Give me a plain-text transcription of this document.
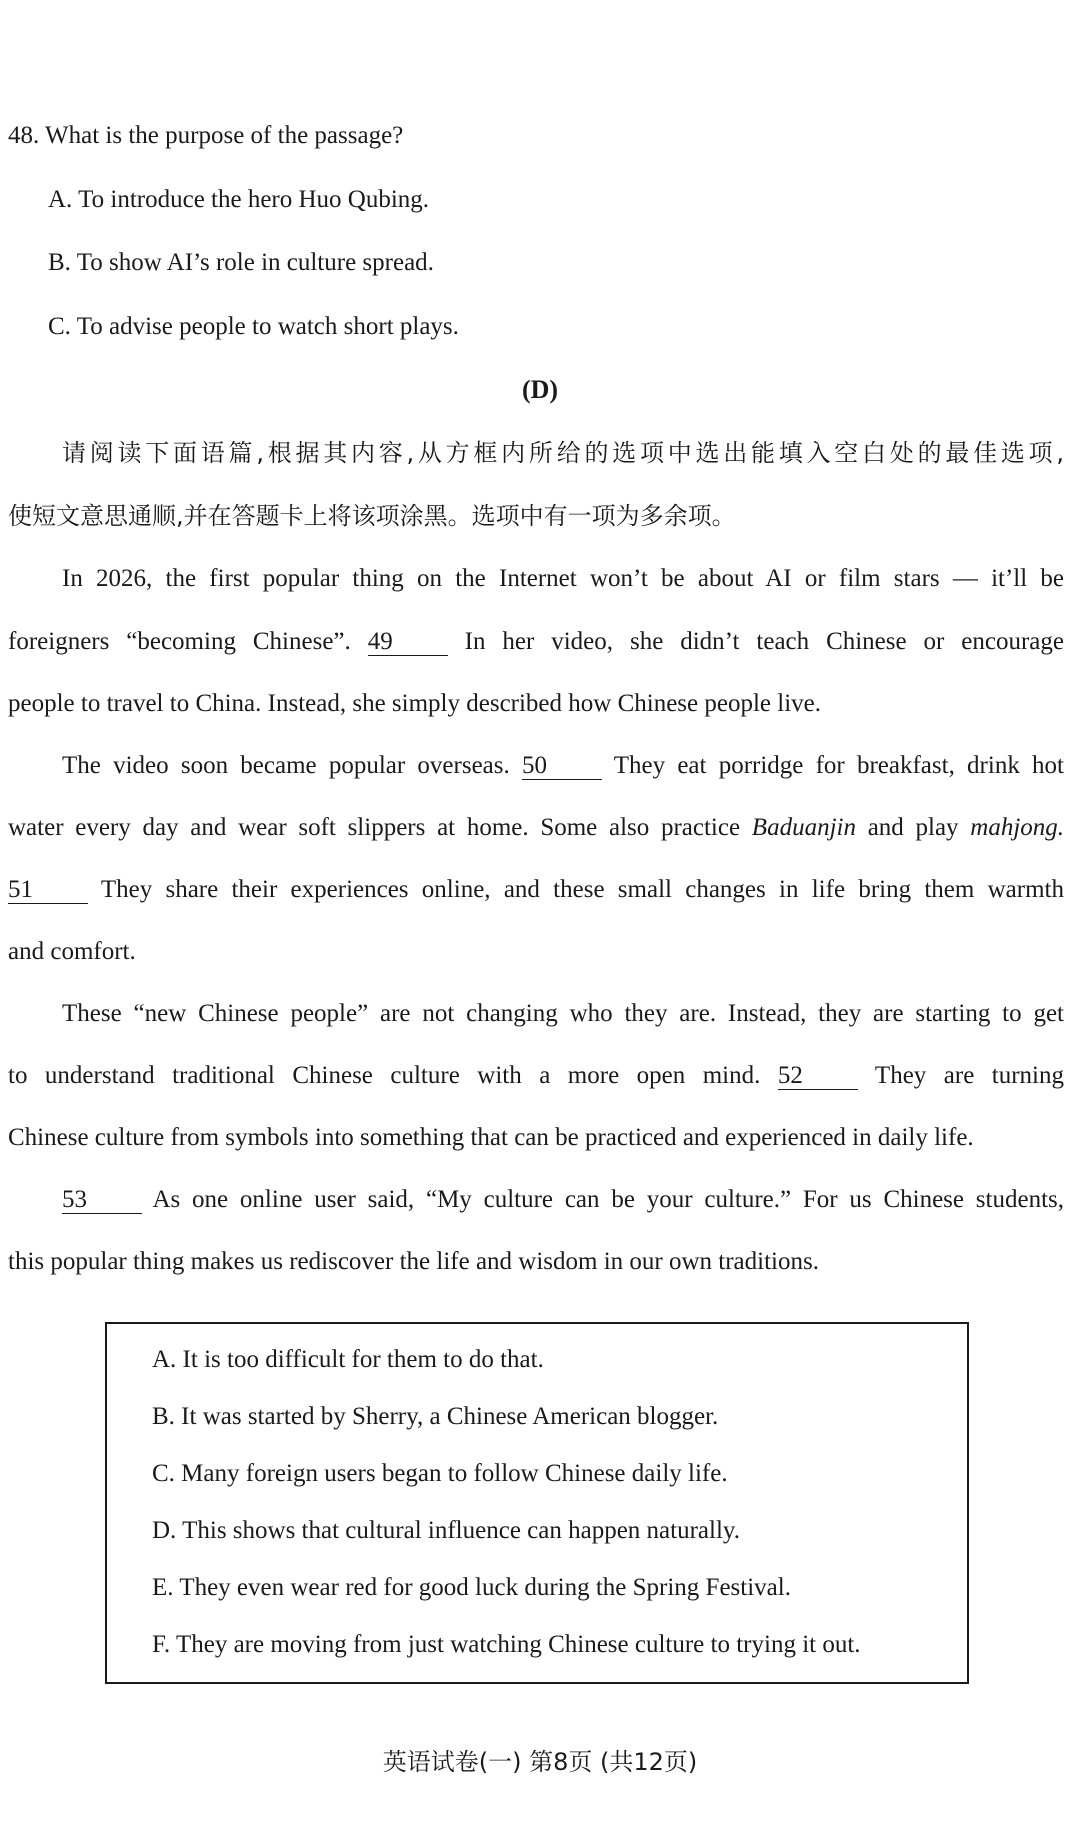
48. What is the purpose of the passage?
A. To introduce the hero Huo Qubing.
B. To show AI’s role in culture spread.
C. To advise people to watch short plays.
(D)
请阅读下面语篇,根据其内容,从方框内所给的选项中选出能填入空白处的最佳选项,
使短文意思通顺,并在答题卡上将该项涂黑。选项中有一项为多余项。
In 2026, the first popular thing on the Internet won’t be about AI or film stars — it’ll be
foreigners “becoming Chinese”. 49	In her video, she didn’t teach Chinese or encourage
people to travel to China. Instead, she simply described how Chinese people live.
The video soon became popular overseas. 50	They eat porridge for breakfast, drink hot
water every day and wear soft slippers at home. Some also practice Baduanjin and play mahjong.
51	They share their experiences online, and these small changes in life bring them warmth
and comfort.
These “new Chinese people” are not changing who they are. Instead, they are starting to get
to understand traditional Chinese culture with a more open mind. 52	They are turning
Chinese culture from symbols into something that can be practiced and experienced in daily life.
53	As one online user said, “My culture can be your culture.” For us Chinese students,
this popular thing makes us rediscover the life and wisdom in our own traditions.
A. It is too difficult for them to do that.
B. It was started by Sherry, a Chinese American blogger.
C. Many foreign users began to follow Chinese daily life.
D. This shows that cultural influence can happen naturally.
E. They even wear red for good luck during the Spring Festival.
F. They are moving from just watching Chinese culture to trying it out.
英语试卷(一) 第8页 (共12页)
